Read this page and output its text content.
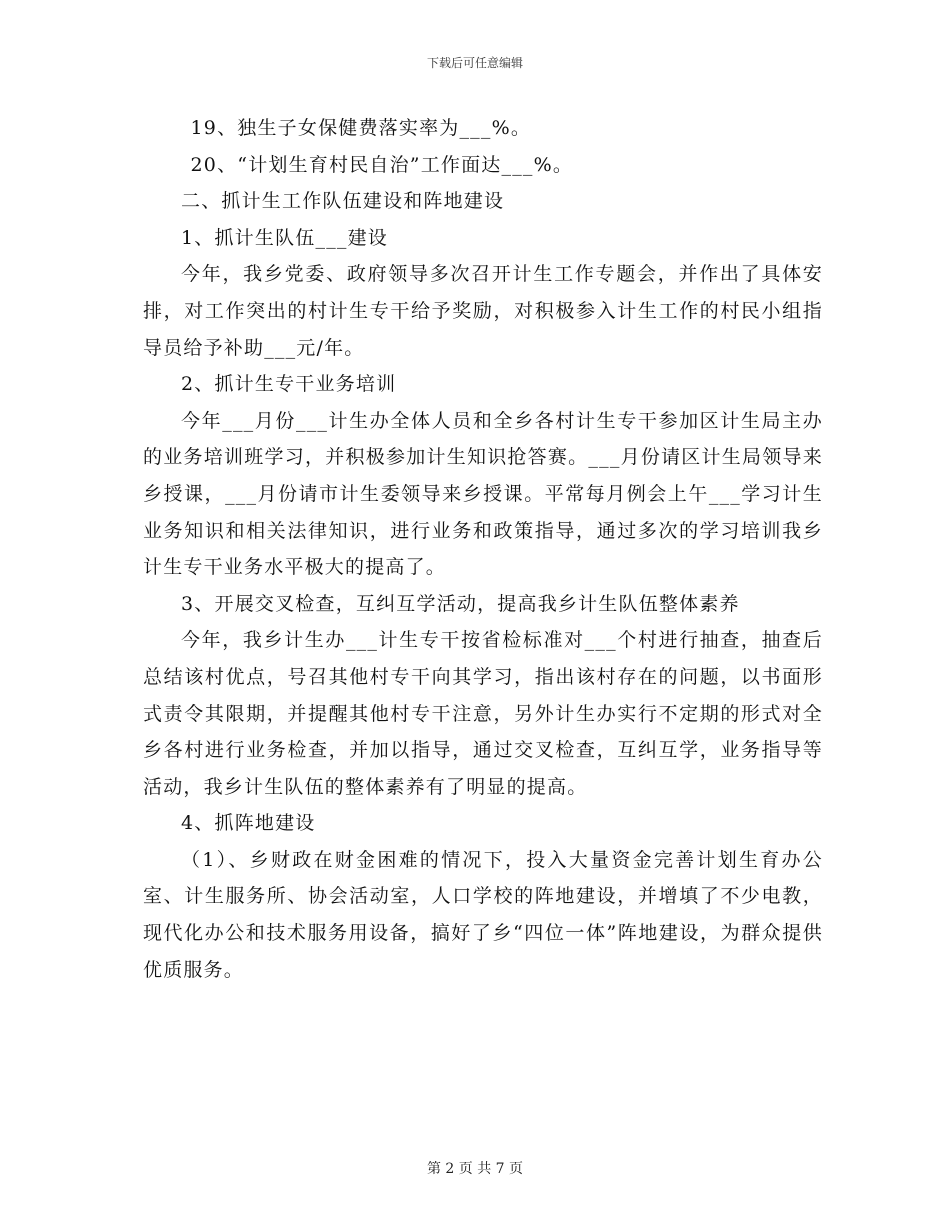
下载后可任意编辑

19、独生子女保健费落实率为___%。

20、“计划生育村民自治”工作面达___%。

二、抓计生工作队伍建设和阵地建设

1、抓计生队伍___建设

今年，我乡党委、政府领导多次召开计生工作专题会，并作出了具体安排，对工作突出的村计生专干给予奖励，对积极参入计生工作的村民小组指导员给予补助___元/年。

2、抓计生专干业务培训

今年___月份___计生办全体人员和全乡各村计生专干参加区计生局主办的业务培训班学习，并积极参加计生知识抢答赛。___月份请区计生局领导来乡授课，___月份请市计生委领导来乡授课。平常每月例会上午___学习计生业务知识和相关法律知识，进行业务和政策指导，通过多次的学习培训我乡计生专干业务水平极大的提高了。

3、开展交叉检查，互纠互学活动，提高我乡计生队伍整体素养

今年，我乡计生办___计生专干按省检标准对___个村进行抽查，抽查后总结该村优点，号召其他村专干向其学习，指出该村存在的问题，以书面形式责令其限期，并提醒其他村专干注意，另外计生办实行不定期的形式对全乡各村进行业务检查，并加以指导，通过交叉检查，互纠互学，业务指导等活动，我乡计生队伍的整体素养有了明显的提高。

4、抓阵地建设

（1）、乡财政在财金困难的情况下，投入大量资金完善计划生育办公室、计生服务所、协会活动室，人口学校的阵地建设，并增填了不少电教，现代化办公和技术服务用设备，搞好了乡“四位一体”阵地建设，为群众提供优质服务。

第 2 页 共 7 页
